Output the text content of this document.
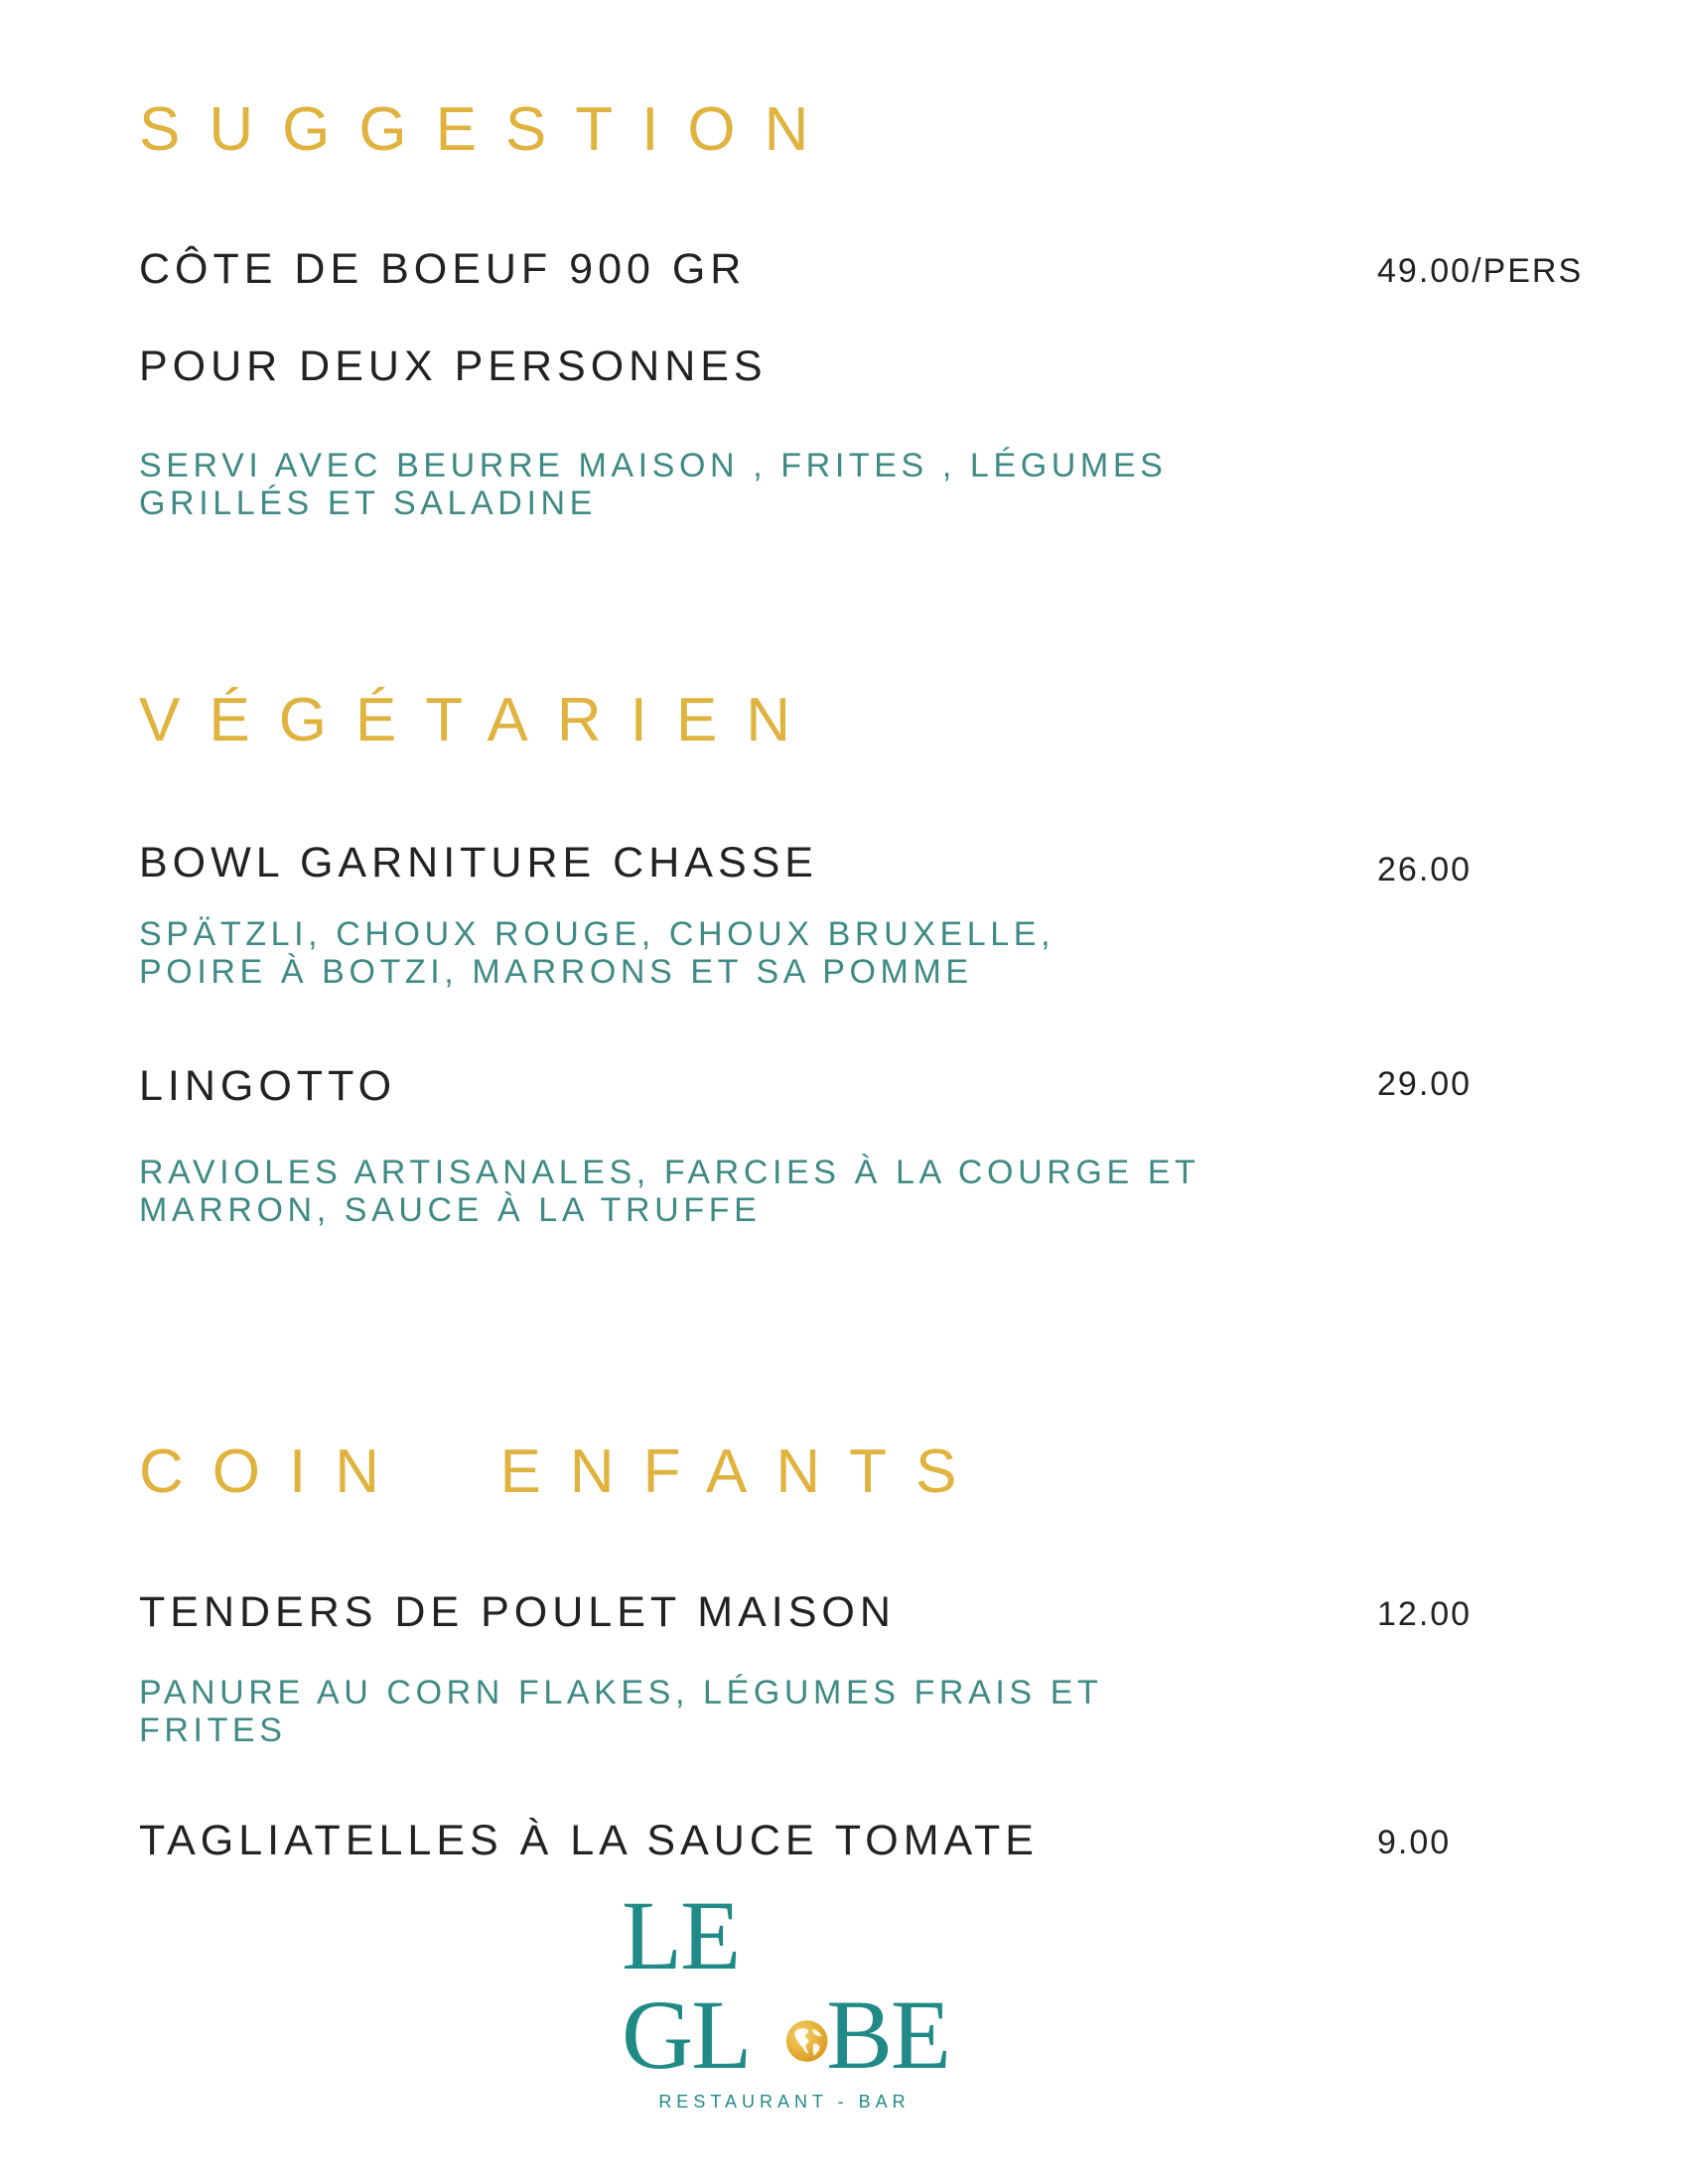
SUGGESTION

CÔTE DE BOEUF 900 GR	49.00/PERS

POUR DEUX PERSONNES

SERVI AVEC BEURRE MAISON , FRITES , LÉGUMES

GRILLÉS ET SALADINE

VÉGÉTARIEN

BOWL GARNITURE CHASSE	26.00

SPÄTZLI, CHOUX ROUGE, CHOUX BRUXELLE,

POIRE À BOTZI, MARRONS ET SA POMME

LINGOTTO	29.00

RAVIOLES ARTISANALES, FARCIES À LA COURGE ET

MARRON, SAUCE À LA TRUFFE

COIN  ENFANTS

TENDERS DE POULET MAISON	12.00

PANURE AU CORN FLAKES, LÉGUMES FRAIS ET

FRITES

TAGLIATELLES À LA SAUCE TOMATE	9.00

LE GL BE
RESTAURANT - BAR
